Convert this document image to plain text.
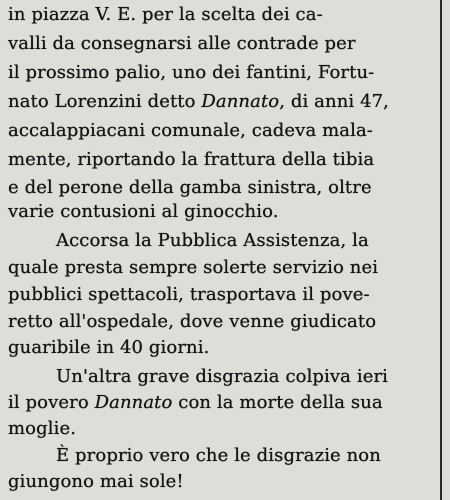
in piazza V. E. per la scelta dei ca-
valli da consegnarsi alle contrade per
il prossimo palio, uno dei fantini, Fortu-
nato Lorenzini detto Dannato, di anni 47,
accalappiacani comunale, cadeva mala-
mente, riportando la frattura della tibia
e del perone della gamba sinistra, oltre
varie contusioni al ginocchio.
Accorsa la Pubblica Assistenza, la
quale presta sempre solerte servizio nei
pubblici spettacoli, trasportava il pove-
retto all'ospedale, dove venne giudicato
guaribile in 40 giorni.
Un'altra grave disgrazia colpiva ieri
il povero Dannato con la morte della sua
moglie.
È proprio vero che le disgrazie non
giungono mai sole!
